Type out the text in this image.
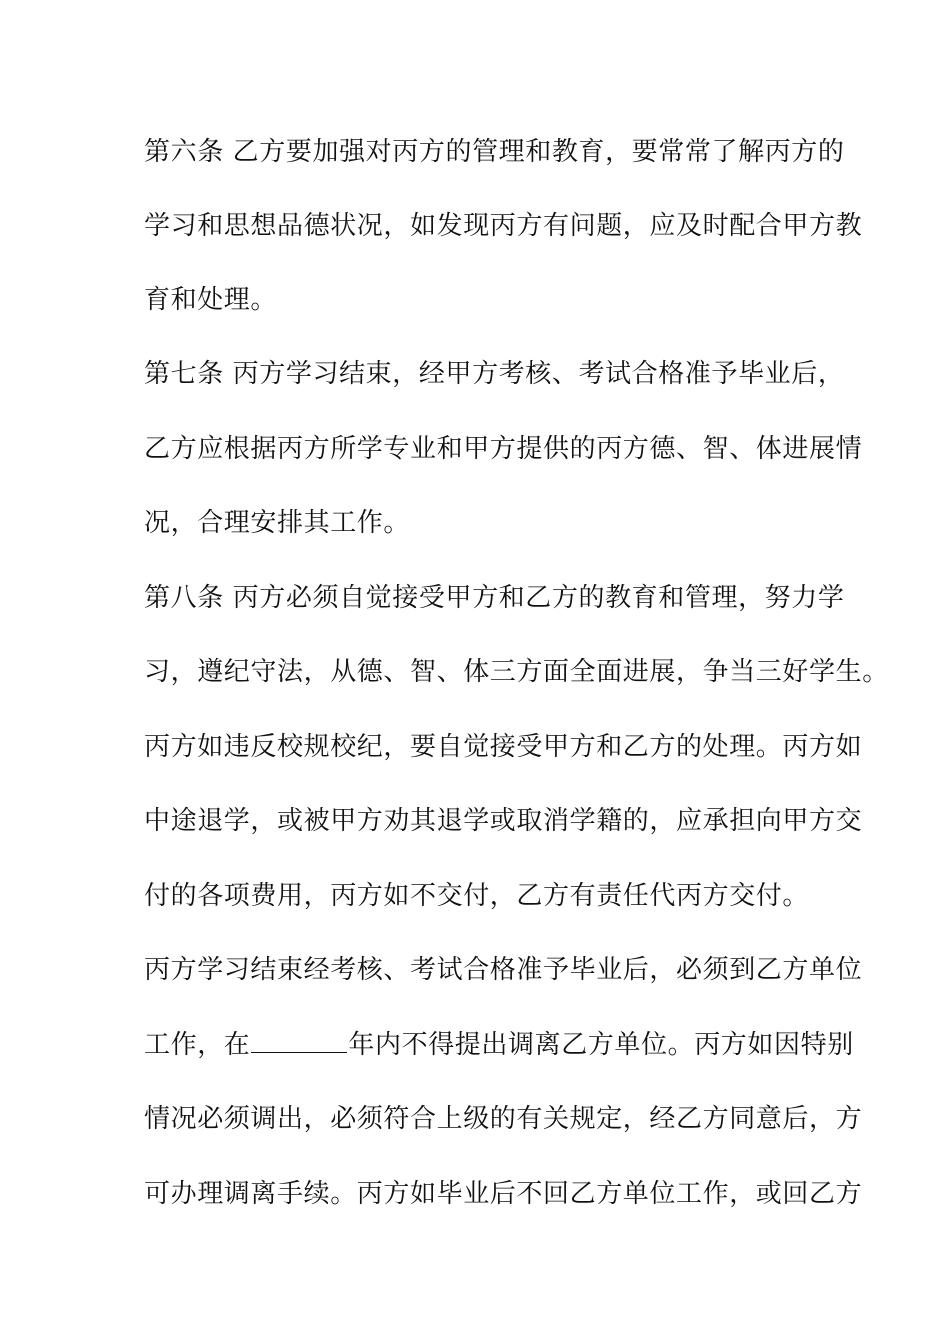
第六条 乙方要加强对丙方的管理和教育，要常常了解丙方的
学习和思想品德状况，如发现丙方有问题，应及时配合甲方教
育和处理。
第七条 丙方学习结束，经甲方考核、考试合格准予毕业后，
乙方应根据丙方所学专业和甲方提供的丙方德、智、体进展情
况，合理安排其工作。
第八条 丙方必须自觉接受甲方和乙方的教育和管理，努力学
习，遵纪守法，从德、智、体三方面全面进展，争当三好学生。
丙方如违反校规校纪，要自觉接受甲方和乙方的处理。丙方如
中途退学，或被甲方劝其退学或取消学籍的，应承担向甲方交
付的各项费用，丙方如不交付，乙方有责任代丙方交付。
丙方学习结束经考核、考试合格准予毕业后，必须到乙方单位
工作，在	年内不得提出调离乙方单位。丙方如因特别
情况必须调出，必须符合上级的有关规定，经乙方同意后，方
可办理调离手续。丙方如毕业后不回乙方单位工作，或回乙方
